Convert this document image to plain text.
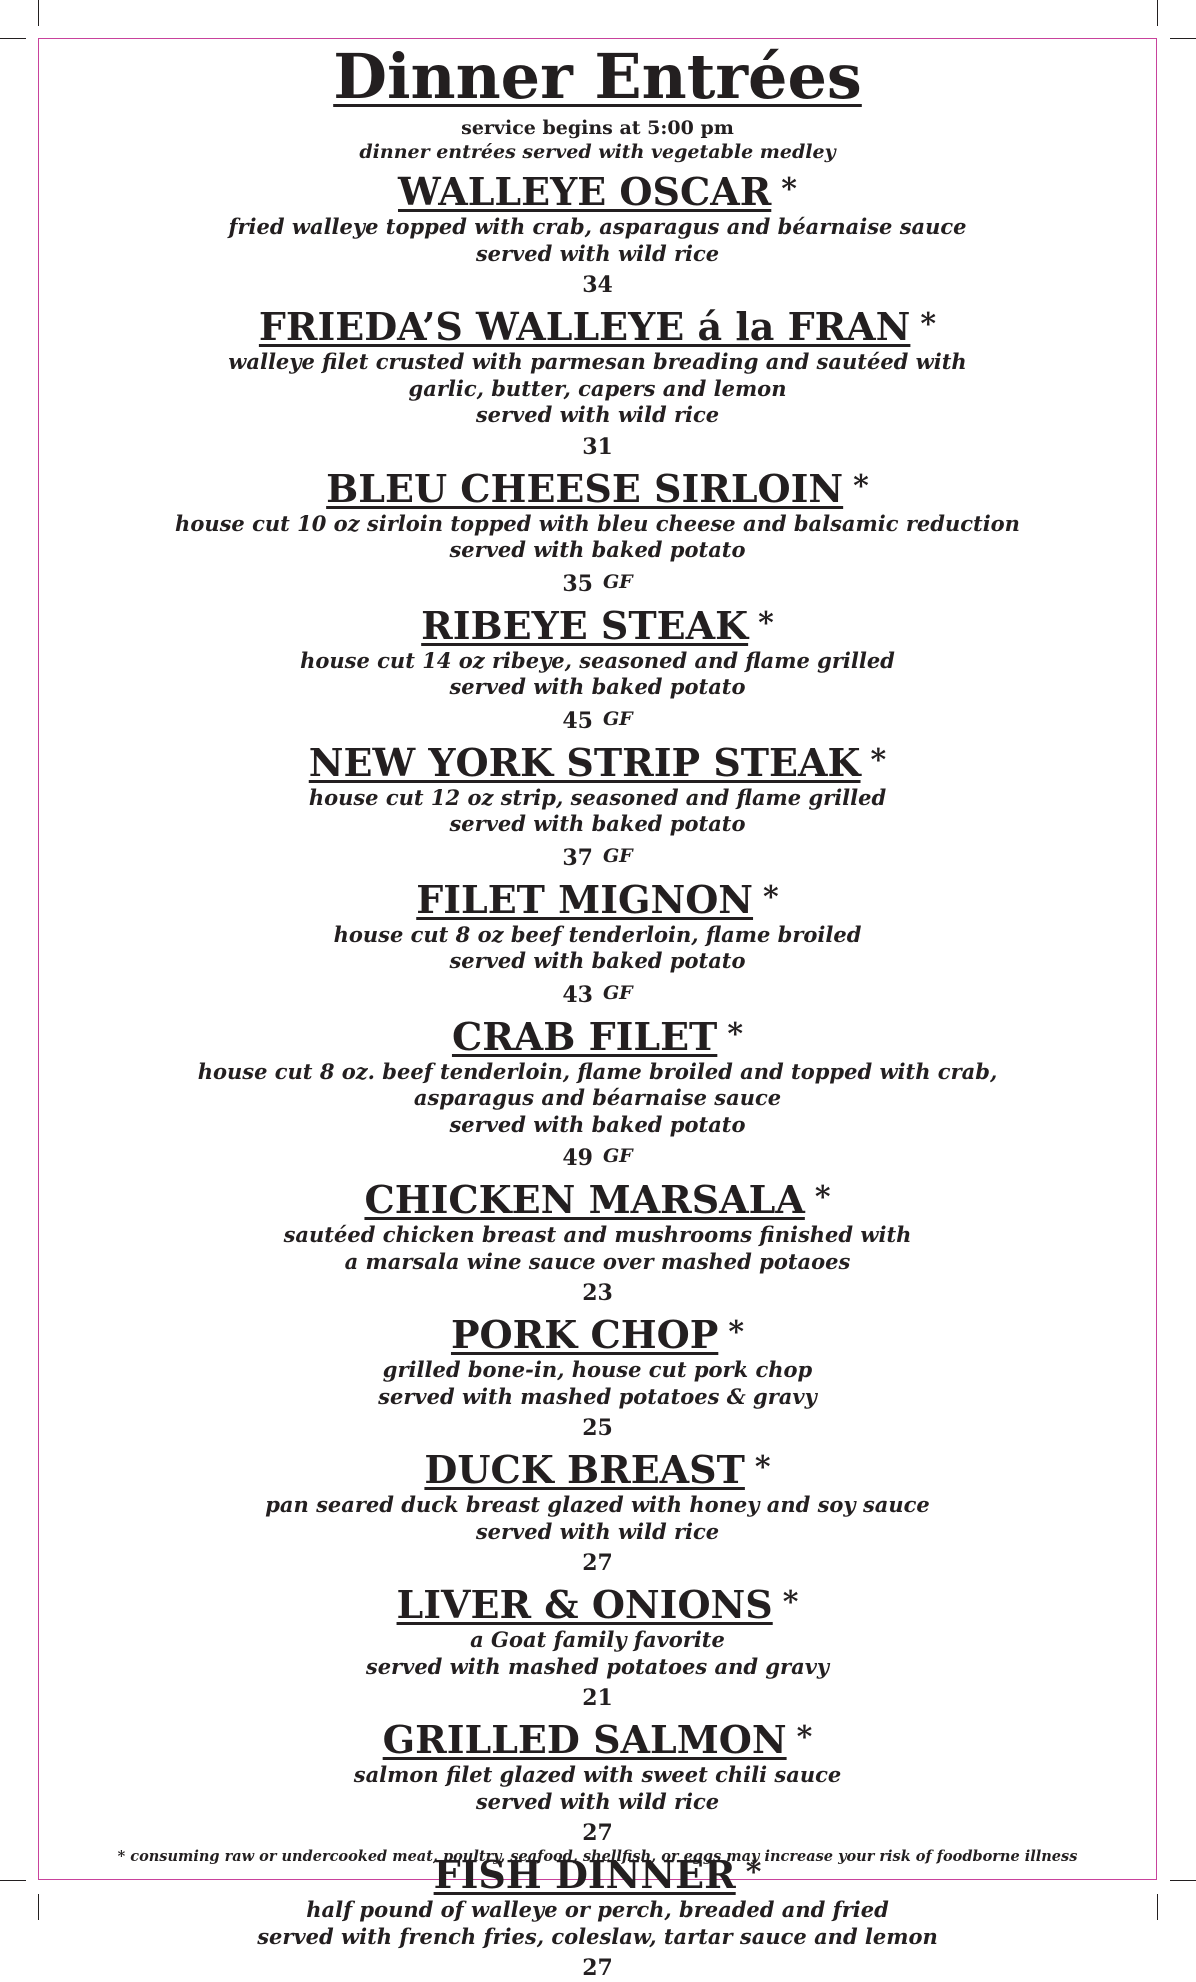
Dinner Entrées
service begins at 5:00 pm
dinner entrées served with vegetable medley
WALLEYE OSCAR *
fried walleye topped with crab, asparagus and béarnaise sauce
served with wild rice
34
FRIEDA’S WALLEYE á la FRAN *
walleye filet crusted with parmesan breading and sautéed with
garlic, butter, capers and lemon
served with wild rice
31
BLEU CHEESE SIRLOIN *
house cut 10 oz sirloin topped with bleu cheese and balsamic reduction
served with baked potato
35 GF
RIBEYE STEAK *
house cut 14 oz ribeye, seasoned and flame grilled
served with baked potato
45 GF
NEW YORK STRIP STEAK *
house cut 12 oz strip, seasoned and flame grilled
served with baked potato
37 GF
FILET MIGNON *
house cut 8 oz beef tenderloin, flame broiled
served with baked potato
43 GF
CRAB FILET *
house cut 8 oz. beef tenderloin, flame broiled and topped with crab,
asparagus and béarnaise sauce
served with baked potato
49 GF
CHICKEN MARSALA *
sautéed chicken breast and mushrooms finished with
a marsala wine sauce over mashed potaoes
23
PORK CHOP *
grilled bone-in, house cut pork chop
served with mashed potatoes & gravy
25
DUCK BREAST *
pan seared duck breast glazed with honey and soy sauce
served with wild rice
27
LIVER & ONIONS *
a Goat family favorite
served with mashed potatoes and gravy
21
GRILLED SALMON *
salmon filet glazed with sweet chili sauce
served with wild rice
27
FISH DINNER *
half pound of walleye or perch, breaded and fried
served with french fries, coleslaw, tartar sauce and lemon
27
* consuming raw or undercooked meat, poultry, seafood, shellfish, or eggs may increase your risk of foodborne illness
